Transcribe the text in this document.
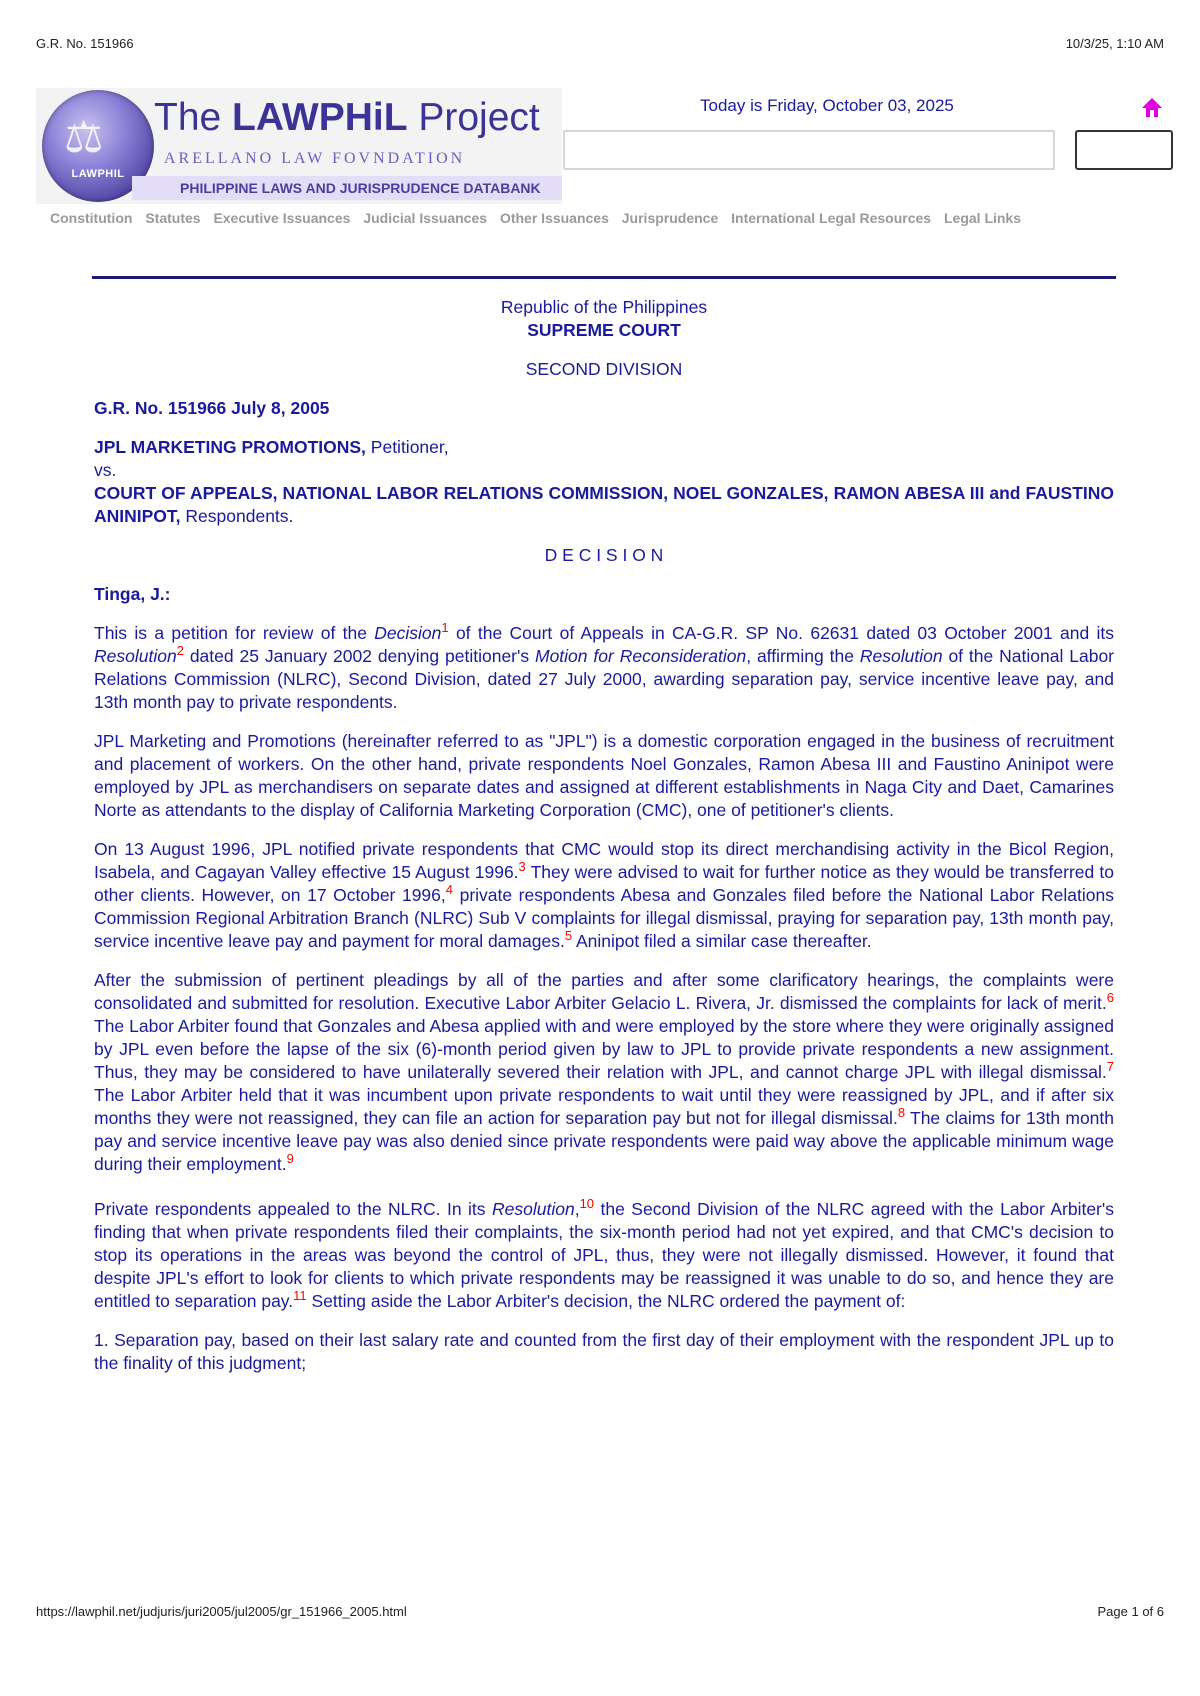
G.R. No. 151966	10/3/25, 1:10 AM
⚖
LAWPHIL
The LAWPHiL Project
ARELLANO LAW FOVNDATION
PHILIPPINE LAWS AND JURISPRUDENCE DATABANK
Today is Friday, October 03, 2025
Constitution Statutes Executive Issuances Judicial Issuances Other Issuances Jurisprudence International Legal Resources Legal Links

Republic of the Philippines

SUPREME COURT

SECOND DIVISION

G.R. No. 151966 July 8, 2005

JPL MARKETING PROMOTIONS, Petitioner,

vs.

COURT OF APPEALS, NATIONAL LABOR RELATIONS COMMISSION, NOEL GONZALES, RAMON ABESA III and FAUSTINO ANINIPOT, Respondents.

D E C I S I O N

Tinga, J.:

This is a petition for review of the Decision$^1$ of the Court of Appeals in CA-G.R. SP No. 62631 dated 03 October 2001 and its Resolution$^2$ dated 25 January 2002 denying petitioner's Motion for Reconsideration, affirming the Resolution of the National Labor Relations Commission (NLRC), Second Division, dated 27 July 2000, awarding separation pay, service incentive leave pay, and 13th month pay to private respondents.

JPL Marketing and Promotions (hereinafter referred to as "JPL") is a domestic corporation engaged in the business of recruitment and placement of workers. On the other hand, private respondents Noel Gonzales, Ramon Abesa III and Faustino Aninipot were employed by JPL as merchandisers on separate dates and assigned at different establishments in Naga City and Daet, Camarines Norte as attendants to the display of California Marketing Corporation (CMC), one of petitioner's clients.

On 13 August 1996, JPL notified private respondents that CMC would stop its direct merchandising activity in the Bicol Region, Isabela, and Cagayan Valley effective 15 August 1996.$^3$ They were advised to wait for further notice as they would be transferred to other clients. However, on 17 October 1996,$^4$ private respondents Abesa and Gonzales filed before the National Labor Relations Commission Regional Arbitration Branch (NLRC) Sub V complaints for illegal dismissal, praying for separation pay, 13th month pay, service incentive leave pay and payment for moral damages.$^5$ Aninipot filed a similar case thereafter.

After the submission of pertinent pleadings by all of the parties and after some clarificatory hearings, the complaints were consolidated and submitted for resolution. Executive Labor Arbiter Gelacio L. Rivera, Jr. dismissed the complaints for lack of merit.$^6$ The Labor Arbiter found that Gonzales and Abesa applied with and were employed by the store where they were originally assigned by JPL even before the lapse of the six (6)-month period given by law to JPL to provide private respondents a new assignment. Thus, they may be considered to have unilaterally severed their relation with JPL, and cannot charge JPL with illegal dismissal.$^7$ The Labor Arbiter held that it was incumbent upon private respondents to wait until they were reassigned by JPL, and if after six months they were not reassigned, they can file an action for separation pay but not for illegal dismissal.$^8$ The claims for 13th month pay and service incentive leave pay was also denied since private respondents were paid way above the applicable minimum wage during their employment.$^9$

Private respondents appealed to the NLRC. In its Resolution,$^{10}$ the Second Division of the NLRC agreed with the Labor Arbiter's finding that when private respondents filed their complaints, the six-month period had not yet expired, and that CMC's decision to stop its operations in the areas was beyond the control of JPL, thus, they were not illegally dismissed. However, it found that despite JPL's effort to look for clients to which private respondents may be reassigned it was unable to do so, and hence they are entitled to separation pay.$^{11}$ Setting aside the Labor Arbiter's decision, the NLRC ordered the payment of:

1. Separation pay, based on their last salary rate and counted from the first day of their employment with the respondent JPL up to the finality of this judgment;

https://lawphil.net/judjuris/juri2005/jul2005/gr_151966_2005.html	Page 1 of 6
